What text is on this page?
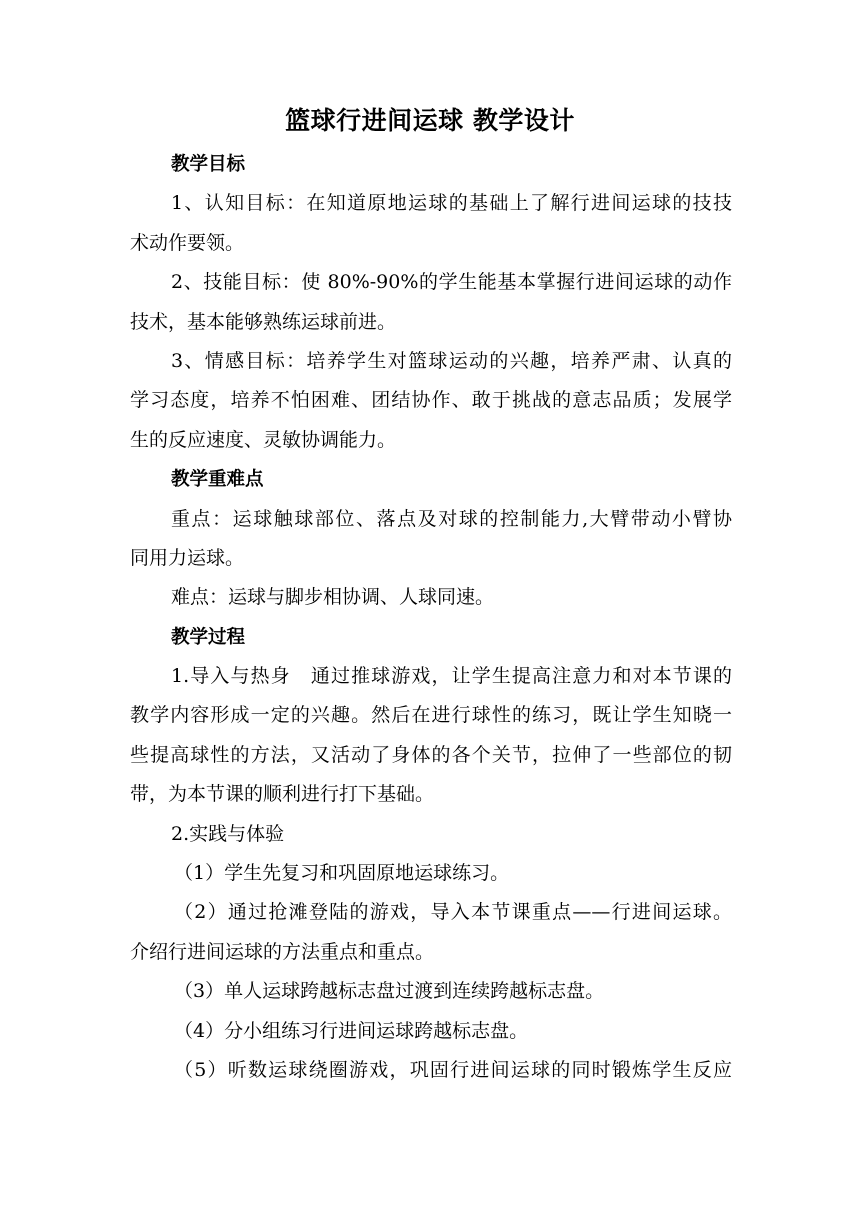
篮球行进间运球 教学设计
教学目标
1、认知目标：在知道原地运球的基础上了解行进间运球的技技
术动作要领。
2、技能目标：使 80%-90%的学生能基本掌握行进间运球的动作
技术，基本能够熟练运球前进。
3、情感目标：培养学生对篮球运动的兴趣，培养严肃、认真的
学习态度，培养不怕困难、团结协作、敢于挑战的意志品质；发展学
生的反应速度、灵敏协调能力。
教学重难点
重点：运球触球部位、落点及对球的控制能力,大臂带动小臂协
同用力运球。
难点：运球与脚步相协调、人球同速。
教学过程
1.导入与热身　通过推球游戏，让学生提高注意力和对本节课的
教学内容形成一定的兴趣。然后在进行球性的练习，既让学生知晓一
些提高球性的方法，又活动了身体的各个关节，拉伸了一些部位的韧
带，为本节课的顺利进行打下基础。
2.实践与体验
（1）学生先复习和巩固原地运球练习。
（2）通过抢滩登陆的游戏，导入本节课重点——行进间运球。
介绍行进间运球的方法重点和重点。
（3）单人运球跨越标志盘过渡到连续跨越标志盘。
（4）分小组练习行进间运球跨越标志盘。
（5）听数运球绕圈游戏，巩固行进间运球的同时锻炼学生反应
